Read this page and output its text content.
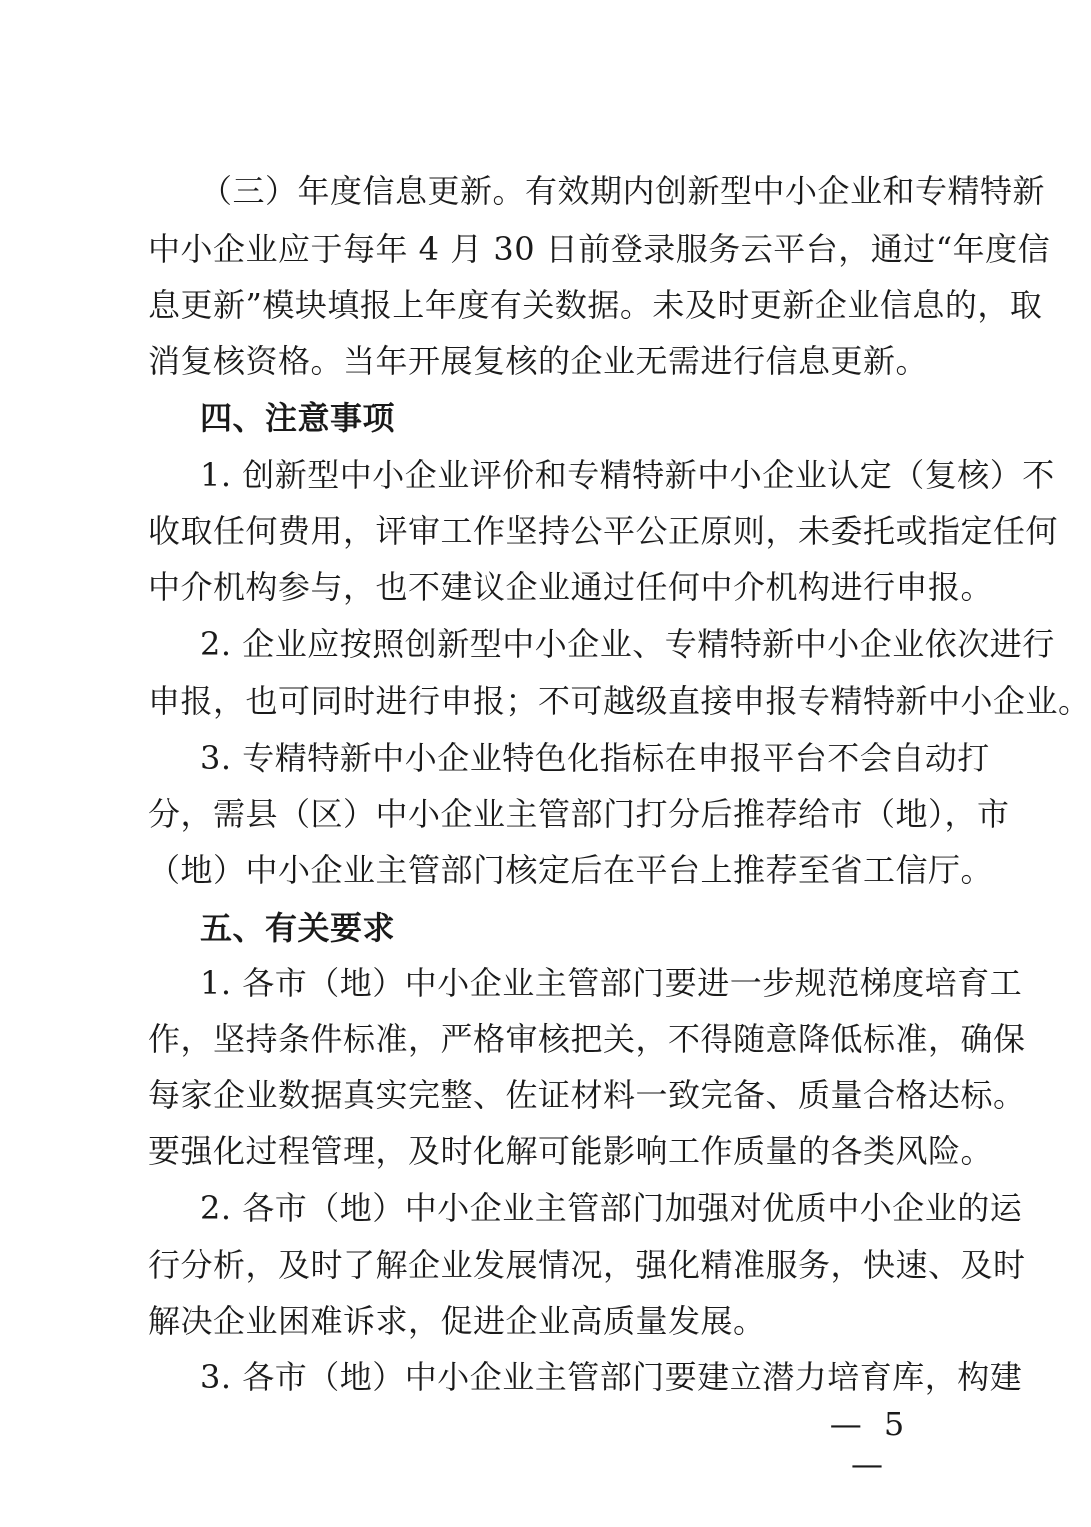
（三）年度信息更新。有效期内创新型中小企业和专精特新
中小企业应于每年 4 月 30 日前登录服务云平台，通过“年度信
息更新”模块填报上年度有关数据。未及时更新企业信息的，取
消复核资格。当年开展复核的企业无需进行信息更新。
四、注意事项
1. 创新型中小企业评价和专精特新中小企业认定（复核）不
收取任何费用，评审工作坚持公平公正原则，未委托或指定任何
中介机构参与，也不建议企业通过任何中介机构进行申报。
2. 企业应按照创新型中小企业、专精特新中小企业依次进行
申报，也可同时进行申报；不可越级直接申报专精特新中小企业。
3. 专精特新中小企业特色化指标在申报平台不会自动打
分，需县（区）中小企业主管部门打分后推荐给市（地），市
（地）中小企业主管部门核定后在平台上推荐至省工信厅。
五、有关要求
1. 各市（地）中小企业主管部门要进一步规范梯度培育工
作，坚持条件标准，严格审核把关，不得随意降低标准，确保
每家企业数据真实完整、佐证材料一致完备、质量合格达标。
要强化过程管理，及时化解可能影响工作质量的各类风险。
2. 各市（地）中小企业主管部门加强对优质中小企业的运
行分析，及时了解企业发展情况，强化精准服务，快速、及时
解决企业困难诉求，促进企业高质量发展。
3. 各市（地）中小企业主管部门要建立潜力培育库，构建
— 5 —
